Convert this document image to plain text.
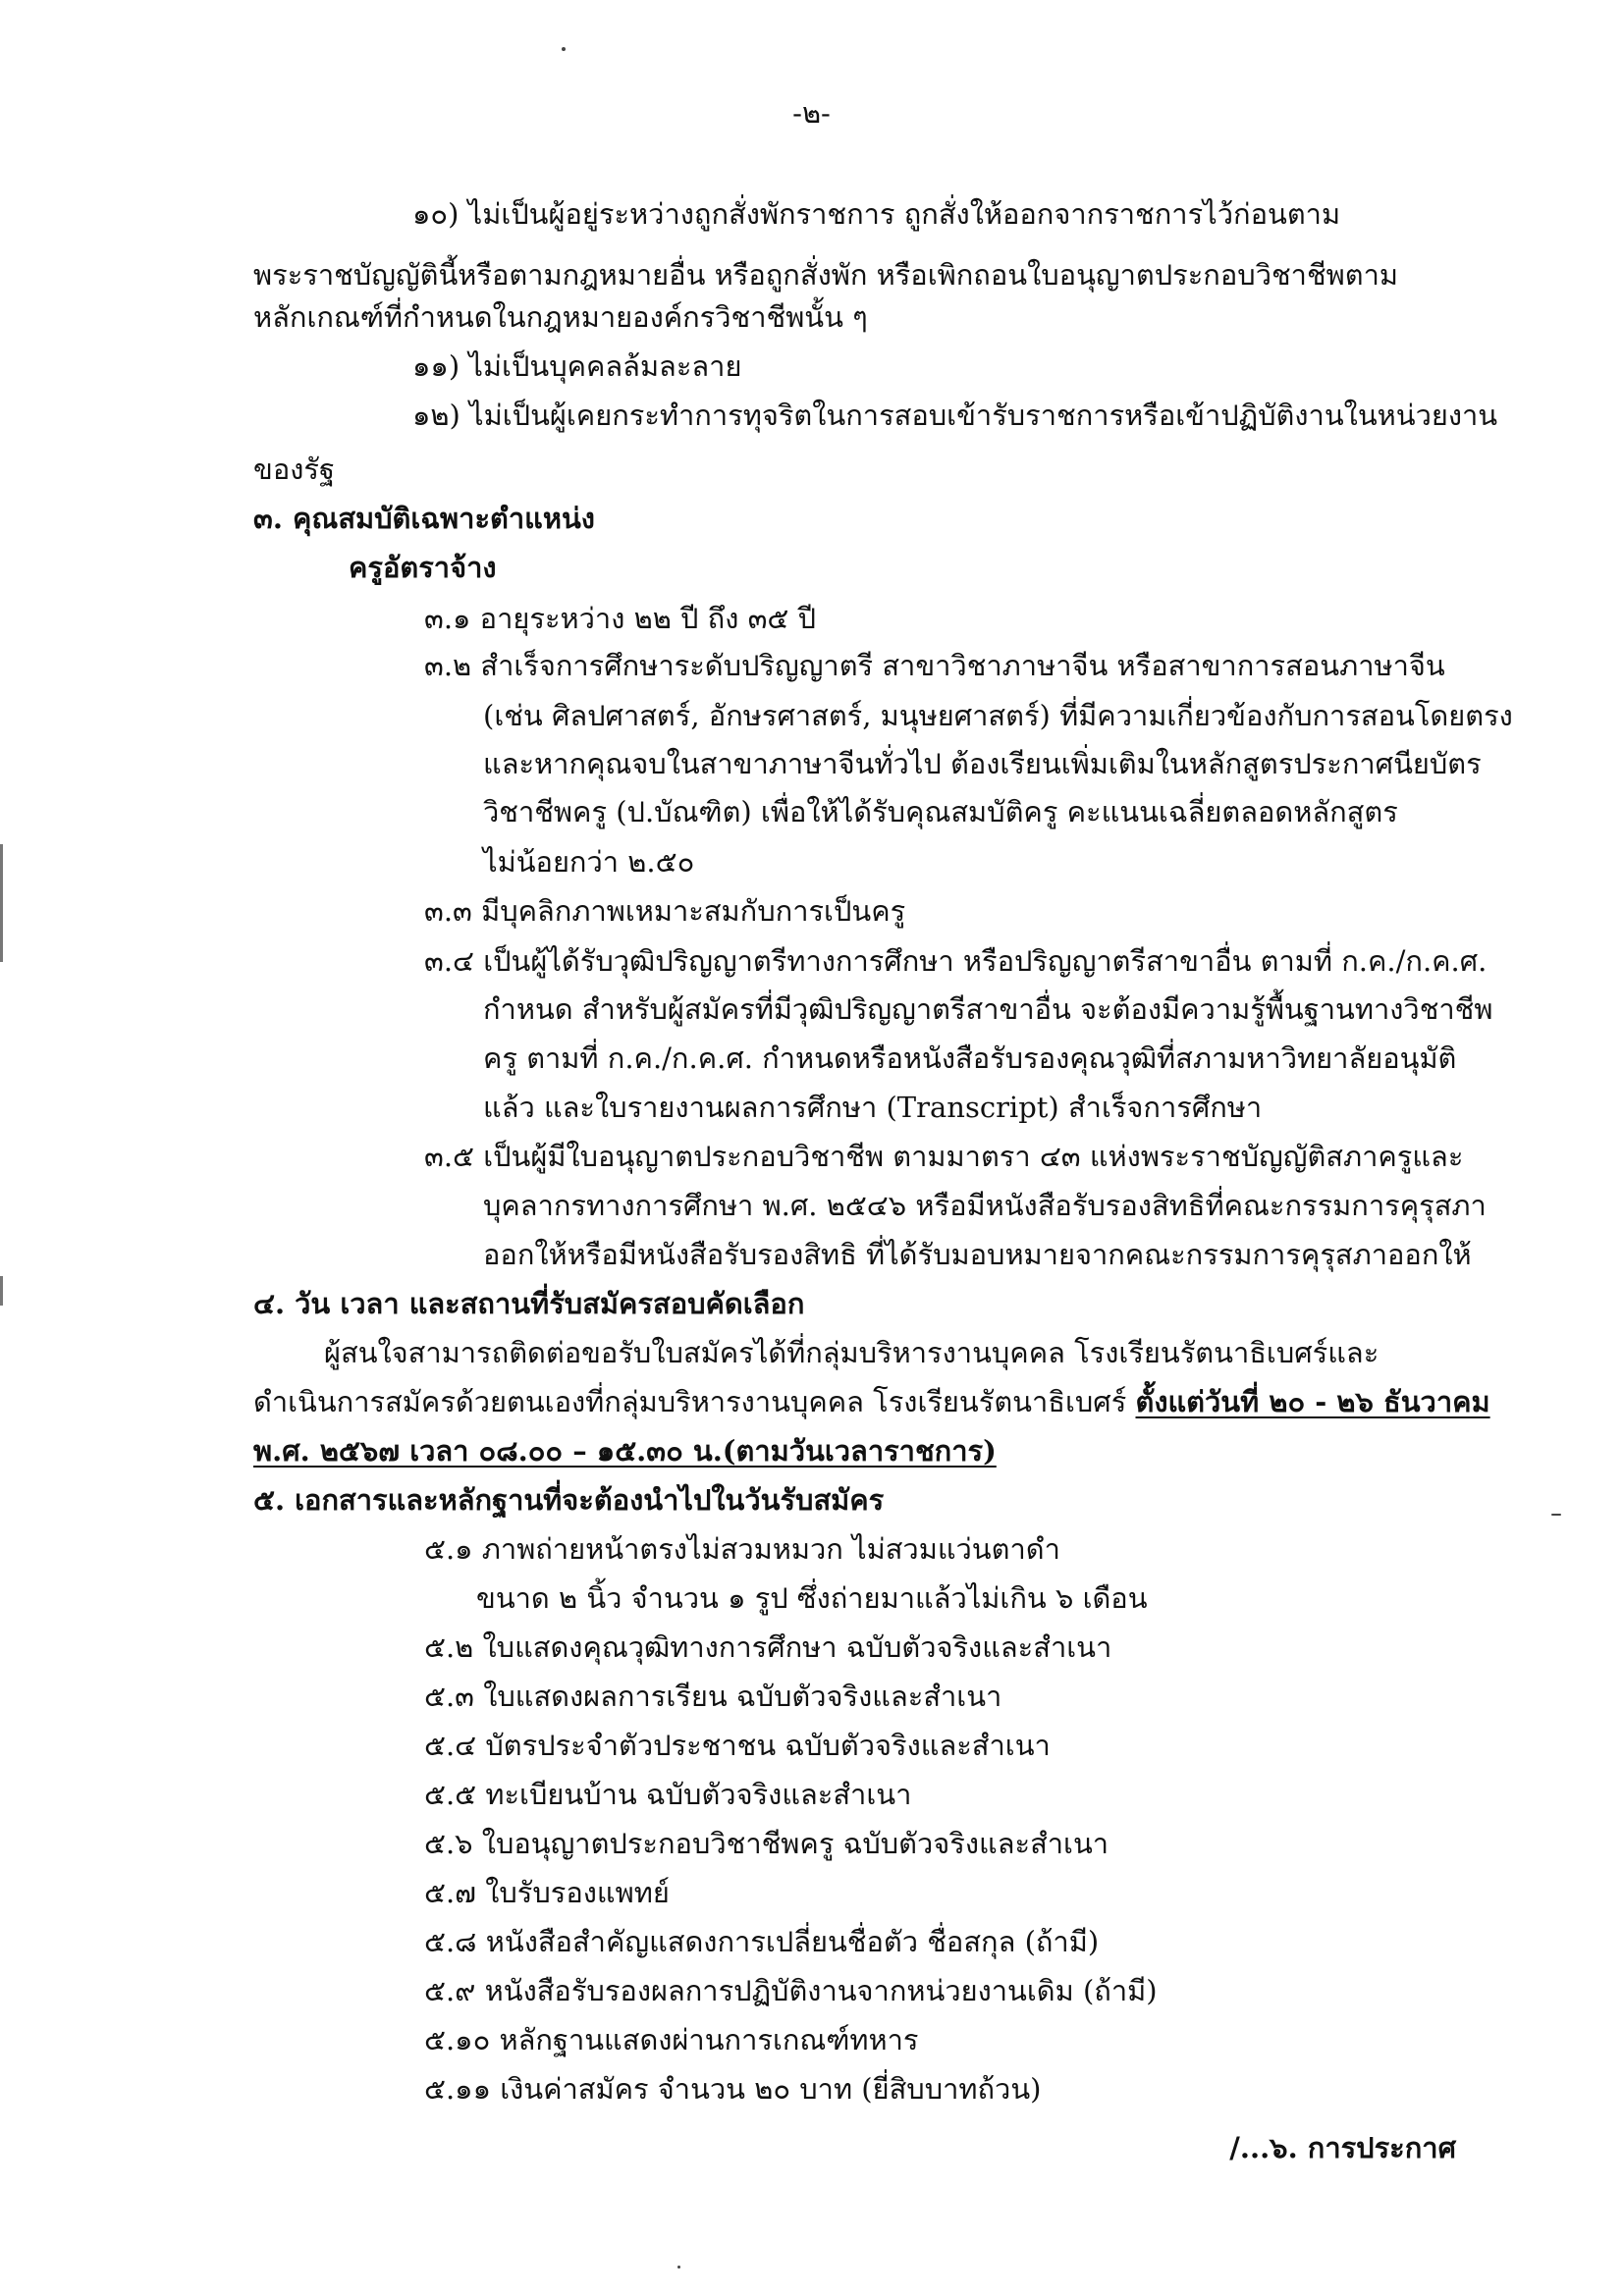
-๒-
๑๐) ไม่เป็นผู้อยู่ระหว่างถูกสั่งพักราชการ ถูกสั่งให้ออกจากราชการไว้ก่อนตาม
พระราชบัญญัตินี้หรือตามกฎหมายอื่น หรือถูกสั่งพัก หรือเพิกถอนใบอนุญาตประกอบวิชาชีพตาม
หลักเกณฑ์ที่กำหนดในกฎหมายองค์กรวิชาชีพนั้น ๆ
๑๑) ไม่เป็นบุคคลล้มละลาย
๑๒) ไม่เป็นผู้เคยกระทำการทุจริตในการสอบเข้ารับราชการหรือเข้าปฏิบัติงานในหน่วยงาน
ของรัฐ
๓. คุณสมบัติเฉพาะตำแหน่ง
ครูอัตราจ้าง
๓.๑ อายุระหว่าง ๒๒ ปี ถึง ๓๕ ปี
๓.๒ สำเร็จการศึกษาระดับปริญญาตรี สาขาวิชาภาษาจีน หรือสาขาการสอนภาษาจีน
(เช่น ศิลปศาสตร์, อักษรศาสตร์, มนุษยศาสตร์) ที่มีความเกี่ยวข้องกับการสอนโดยตรง
และหากคุณจบในสาขาภาษาจีนทั่วไป ต้องเรียนเพิ่มเติมในหลักสูตรประกาศนียบัตร
วิชาชีพครู (ป.บัณฑิต) เพื่อให้ได้รับคุณสมบัติครู คะแนนเฉลี่ยตลอดหลักสูตร
ไม่น้อยกว่า ๒.๕๐
๓.๓ มีบุคลิกภาพเหมาะสมกับการเป็นครู
๓.๔ เป็นผู้ได้รับวุฒิปริญญาตรีทางการศึกษา หรือปริญญาตรีสาขาอื่น ตามที่ ก.ค./ก.ค.ศ.
กำหนด สำหรับผู้สมัครที่มีวุฒิปริญญาตรีสาขาอื่น จะต้องมีความรู้พื้นฐานทางวิชาชีพ
ครู ตามที่ ก.ค./ก.ค.ศ. กำหนดหรือหนังสือรับรองคุณวุฒิที่สภามหาวิทยาลัยอนุมัติ
แล้ว และใบรายงานผลการศึกษา (Transcript) สำเร็จการศึกษา
๓.๕ เป็นผู้มีใบอนุญาตประกอบวิชาชีพ ตามมาตรา ๔๓ แห่งพระราชบัญญัติสภาครูและ
บุคลากรทางการศึกษา พ.ศ. ๒๕๔๖ หรือมีหนังสือรับรองสิทธิที่คณะกรรมการคุรุสภา
ออกให้หรือมีหนังสือรับรองสิทธิ ที่ได้รับมอบหมายจากคณะกรรมการคุรุสภาออกให้
๔. วัน เวลา และสถานที่รับสมัครสอบคัดเลือก
ผู้สนใจสามารถติดต่อขอรับใบสมัครได้ที่กลุ่มบริหารงานบุคคล โรงเรียนรัตนาธิเบศร์และ
ดำเนินการสมัครด้วยตนเองที่กลุ่มบริหารงานบุคคล โรงเรียนรัตนาธิเบศร์ ตั้งแต่วันที่ ๒๐ - ๒๖ ธันวาคม
พ.ศ. ๒๕๖๗ เวลา ๐๘.๐๐ – ๑๕.๓๐ น.(ตามวันเวลาราชการ)
๕. เอกสารและหลักฐานที่จะต้องนำไปในวันรับสมัคร
๕.๑ ภาพถ่ายหน้าตรงไม่สวมหมวก ไม่สวมแว่นตาดำ
ขนาด ๒ นิ้ว จำนวน ๑ รูป ซึ่งถ่ายมาแล้วไม่เกิน ๖ เดือน
๕.๒ ใบแสดงคุณวุฒิทางการศึกษา ฉบับตัวจริงและสำเนา
๕.๓ ใบแสดงผลการเรียน ฉบับตัวจริงและสำเนา
๕.๔ บัตรประจำตัวประชาชน ฉบับตัวจริงและสำเนา
๕.๕ ทะเบียนบ้าน ฉบับตัวจริงและสำเนา
๕.๖ ใบอนุญาตประกอบวิชาชีพครู ฉบับตัวจริงและสำเนา
๕.๗ ใบรับรองแพทย์
๕.๘ หนังสือสำคัญแสดงการเปลี่ยนชื่อตัว ชื่อสกุล (ถ้ามี)
๕.๙ หนังสือรับรองผลการปฏิบัติงานจากหน่วยงานเดิม (ถ้ามี)
๕.๑๐ หลักฐานแสดงผ่านการเกณฑ์ทหาร
๕.๑๑ เงินค่าสมัคร จำนวน ๒๐ บาท (ยี่สิบบาทถ้วน)
/...๖. การประกาศ
